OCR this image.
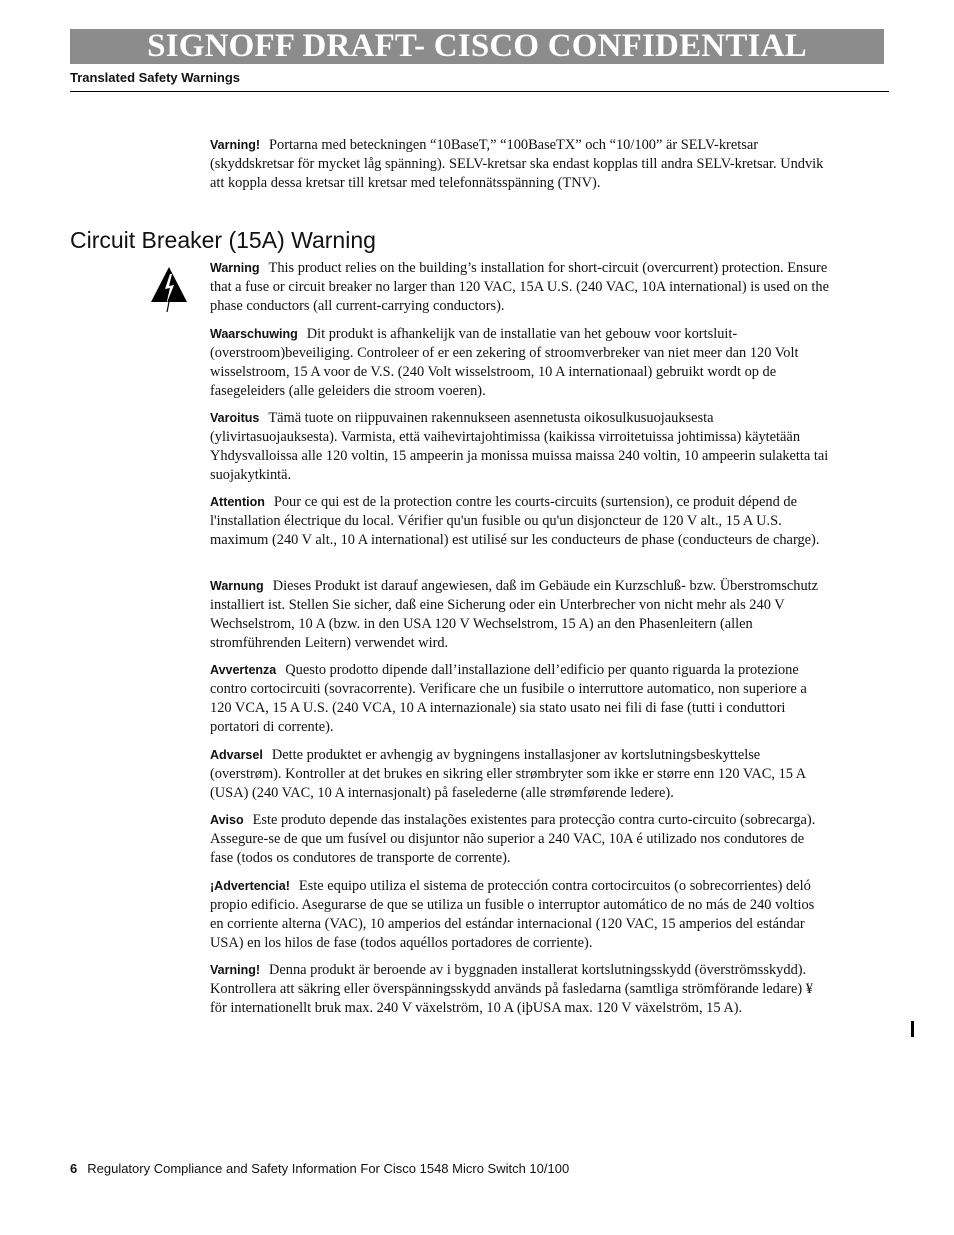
SIGNOFF DRAFT- CISCO CONFIDENTIAL
Translated Safety Warnings
Varning! Portarna med beteckningen “10BaseT,” “100BaseTX” och “10/100” är SELV-kretsar (skyddskretsar för mycket låg spänning). SELV-kretsar ska endast kopplas till andra SELV-kretsar. Undvik att koppla dessa kretsar till kretsar med telefonnätsspänning (TNV).
Circuit Breaker (15A) Warning
Warning This product relies on the building’s installation for short-circuit (overcurrent) protection. Ensure that a fuse or circuit breaker no larger than 120 VAC, 15A U.S. (240 VAC, 10A international) is used on the phase conductors (all current-carrying conductors).
Waarschuwing Dit produkt is afhankelijk van de installatie van het gebouw voor kortsluit- (overstroom)beveiliging. Controleer of er een zekering of stroomverbreker van niet meer dan 120 Volt wisselstroom, 15 A voor de V.S. (240 Volt wisselstroom, 10 A internationaal) gebruikt wordt op de fasegeleiders (alle geleiders die stroom voeren).
Varoitus Tämä tuote on riippuvainen rakennukseen asennetusta oikosulkusuojauksesta (ylivirtasuojauksesta). Varmista, että vaihevirtajohtimissa (kaikissa virroitetuissa johtimissa) käytetään Yhdysvalloissa alle 120 voltin, 15 ampeerin ja monissa muissa maissa 240 voltin, 10 ampeerin sulaketta tai suojakytkintä.
Attention Pour ce qui est de la protection contre les courts-circuits (surtension), ce produit dépend de l'installation électrique du local. Vérifier qu'un fusible ou qu'un disjoncteur de 120 V alt., 15 A U.S. maximum (240 V alt., 10 A international) est utilisé sur les conducteurs de phase (conducteurs de charge).
Warnung Dieses Produkt ist darauf angewiesen, daß im Gebäude ein Kurzschluß- bzw. Überstromschutz installiert ist. Stellen Sie sicher, daß eine Sicherung oder ein Unterbrecher von nicht mehr als 240 V Wechselstrom, 10 A (bzw. in den USA 120 V Wechselstrom, 15 A) an den Phasenleitern (allen stromführenden Leitern) verwendet wird.
Avvertenza Questo prodotto dipende dall’installazione dell’edificio per quanto riguarda la protezione contro cortocircuiti (sovracorrente). Verificare che un fusibile o interruttore automatico, non superiore a 120 VCA, 15 A U.S. (240 VCA, 10 A internazionale) sia stato usato nei fili di fase (tutti i conduttori portatori di corrente).
Advarsel Dette produktet er avhengig av bygningens installasjoner av kortslutningsbeskyttelse (overstrøm). Kontroller at det brukes en sikring eller strømbryter som ikke er større enn 120 VAC, 15 A (USA) (240 VAC, 10 A internasjonalt) på faselederne (alle strømførende ledere).
Aviso Este produto depende das instalações existentes para protecção contra curto-circuito (sobrecarga). Assegure-se de que um fusível ou disjuntor não superior a 240 VAC, 10A é utilizado nos condutores de fase (todos os condutores de transporte de corrente).
¡Advertencia! Este equipo utiliza el sistema de protección contra cortocircuitos (o sobrecorrientes) deló propio edificio. Asegurarse de que se utiliza un fusible o interruptor automático de no más de 240 voltios en corriente alterna (VAC), 10 amperios del estándar internacional (120 VAC, 15 amperios del estándar USA) en los hilos de fase (todos aquéllos portadores de corriente).
Varning! Denna produkt är beroende av i byggnaden installerat kortslutningsskydd (överströmsskydd). Kontrollera att säkring eller överspänningsskydd används på fasledarna (samtliga strömförande ledare) ¥ för internationellt bruk max. 240 V växelström, 10 A (iþUSA max. 120 V växelström, 15 A).
6 Regulatory Compliance and Safety Information For Cisco 1548 Micro Switch 10/100
